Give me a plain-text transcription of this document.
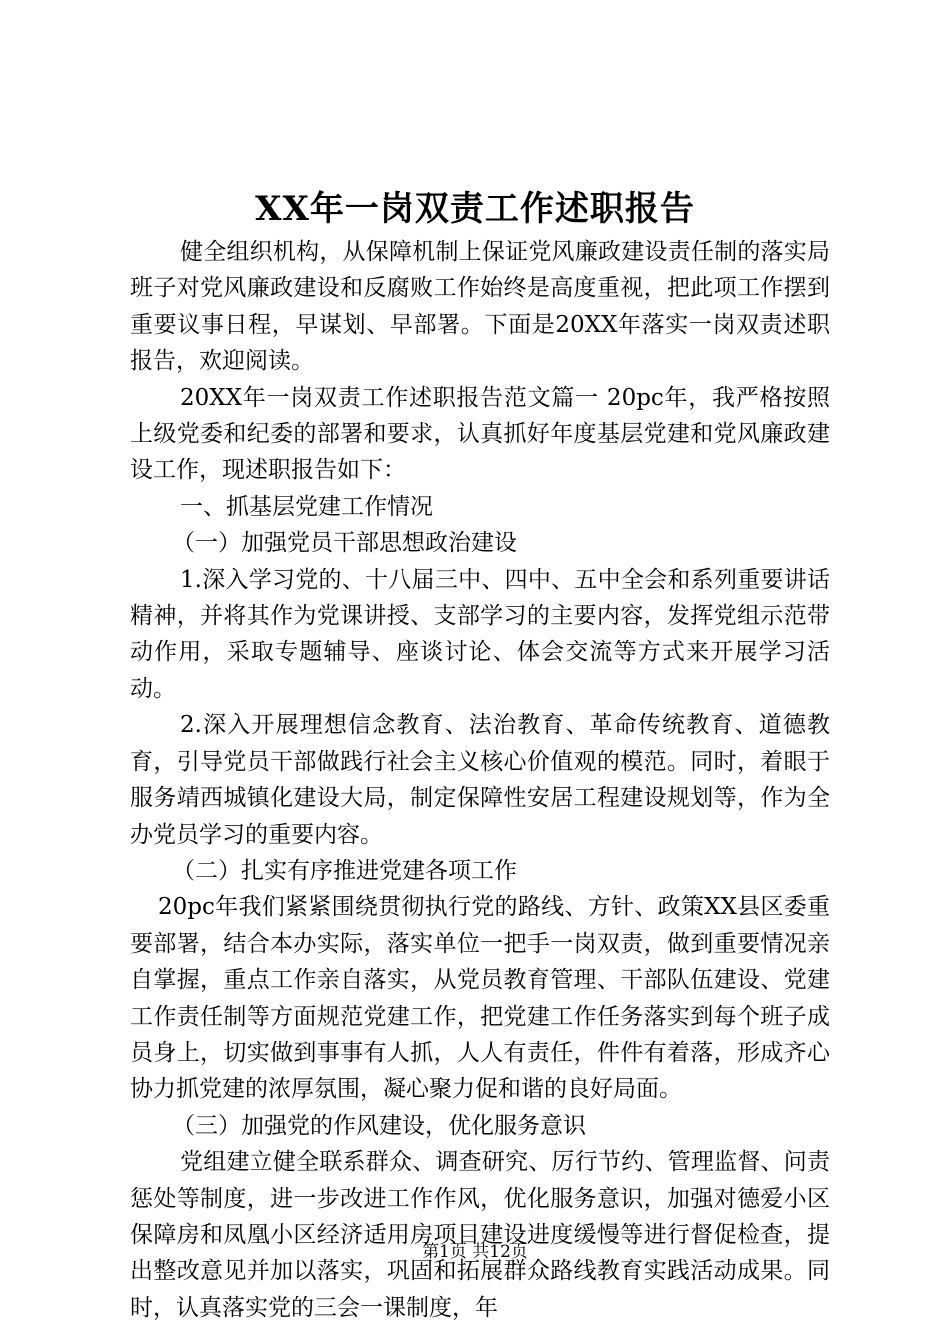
XX年一岗双责工作述职报告

健全组织机构，从保障机制上保证党风廉政建设责任制的落实局班子对党风廉政建设和反腐败工作始终是高度重视，把此项工作摆到重要议事日程，早谋划、早部署。下面是20XX年落实一岗双责述职报告，欢迎阅读。

20XX年一岗双责工作述职报告范文篇一 20pc年，我严格按照上级党委和纪委的部署和要求，认真抓好年度基层党建和党风廉政建设工作，现述职报告如下：

一、抓基层党建工作情况

（一）加强党员干部思想政治建设

1.深入学习党的、十八届三中、四中、五中全会和系列重要讲话精神，并将其作为党课讲授、支部学习的主要内容，发挥党组示范带动作用，采取专题辅导、座谈讨论、体会交流等方式来开展学习活动。

2.深入开展理想信念教育、法治教育、革命传统教育、道德教育，引导党员干部做践行社会主义核心价值观的模范。同时，着眼于服务靖西城镇化建设大局，制定保障性安居工程建设规划等，作为全办党员学习的重要内容。

（二）扎实有序推进党建各项工作

20pc年我们紧紧围绕贯彻执行党的路线、方针、政策XX县区委重要部署，结合本办实际，落实单位一把手一岗双责，做到重要情况亲自掌握，重点工作亲自落实，从党员教育管理、干部队伍建设、党建工作责任制等方面规范党建工作，把党建工作任务落实到每个班子成员身上，切实做到事事有人抓，人人有责任，件件有着落，形成齐心协力抓党建的浓厚氛围，凝心聚力促和谐的良好局面。

（三）加强党的作风建设，优化服务意识

党组建立健全联系群众、调查研究、厉行节约、管理监督、问责惩处等制度，进一步改进工作作风，优化服务意识，加强对德爱小区保障房和凤凰小区经济适用房项目建设进度缓慢等进行督促检查，提出整改意见并加以落实，巩固和拓展群众路线教育实践活动成果。同时，认真落实党的三会一课制度，年

第1页 共12页
